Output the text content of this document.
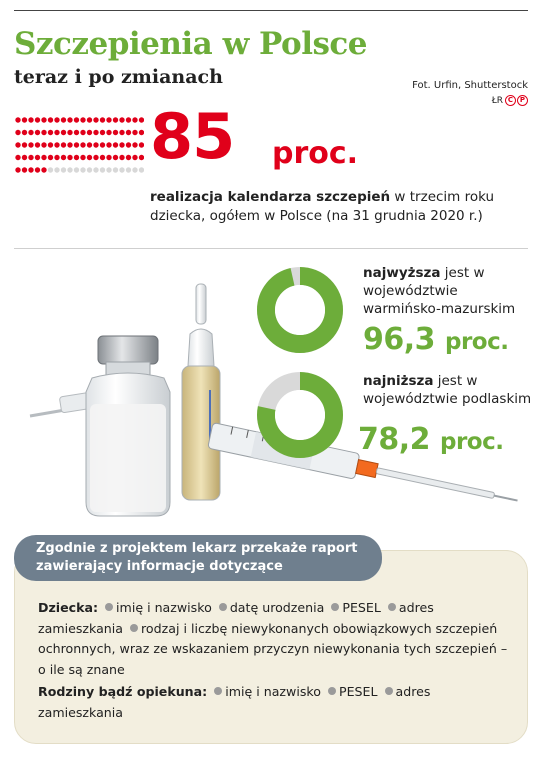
Szczepienia w Polsce
teraz i po zmianach	Fot. Urfin, Shutterstock
ŁR C P
85 proc.

realizacja kalendarza szczepień w trzecim roku dziecka, ogółem w Polsce (na 31 grudnia 2020 r.)

najwyższa jest w województwie warmińsko-mazurskim
96,3 proc.
najniższa jest w województwie podlaskim
78,2 proc.
Zgodnie z projektem lekarz przekaże raport zawierający informacje dotyczące

Dziecka: imię i nazwisko datę urodzenia PESEL adres zamieszkania rodzaj i liczbę niewykonanych obowiązkowych szczepień ochronnych, wraz ze wskazaniem przyczyn niewykonania tych szczepień – o ile są znane

Rodziny bądź opiekuna: imię i nazwisko PESEL adres zamieszkania
